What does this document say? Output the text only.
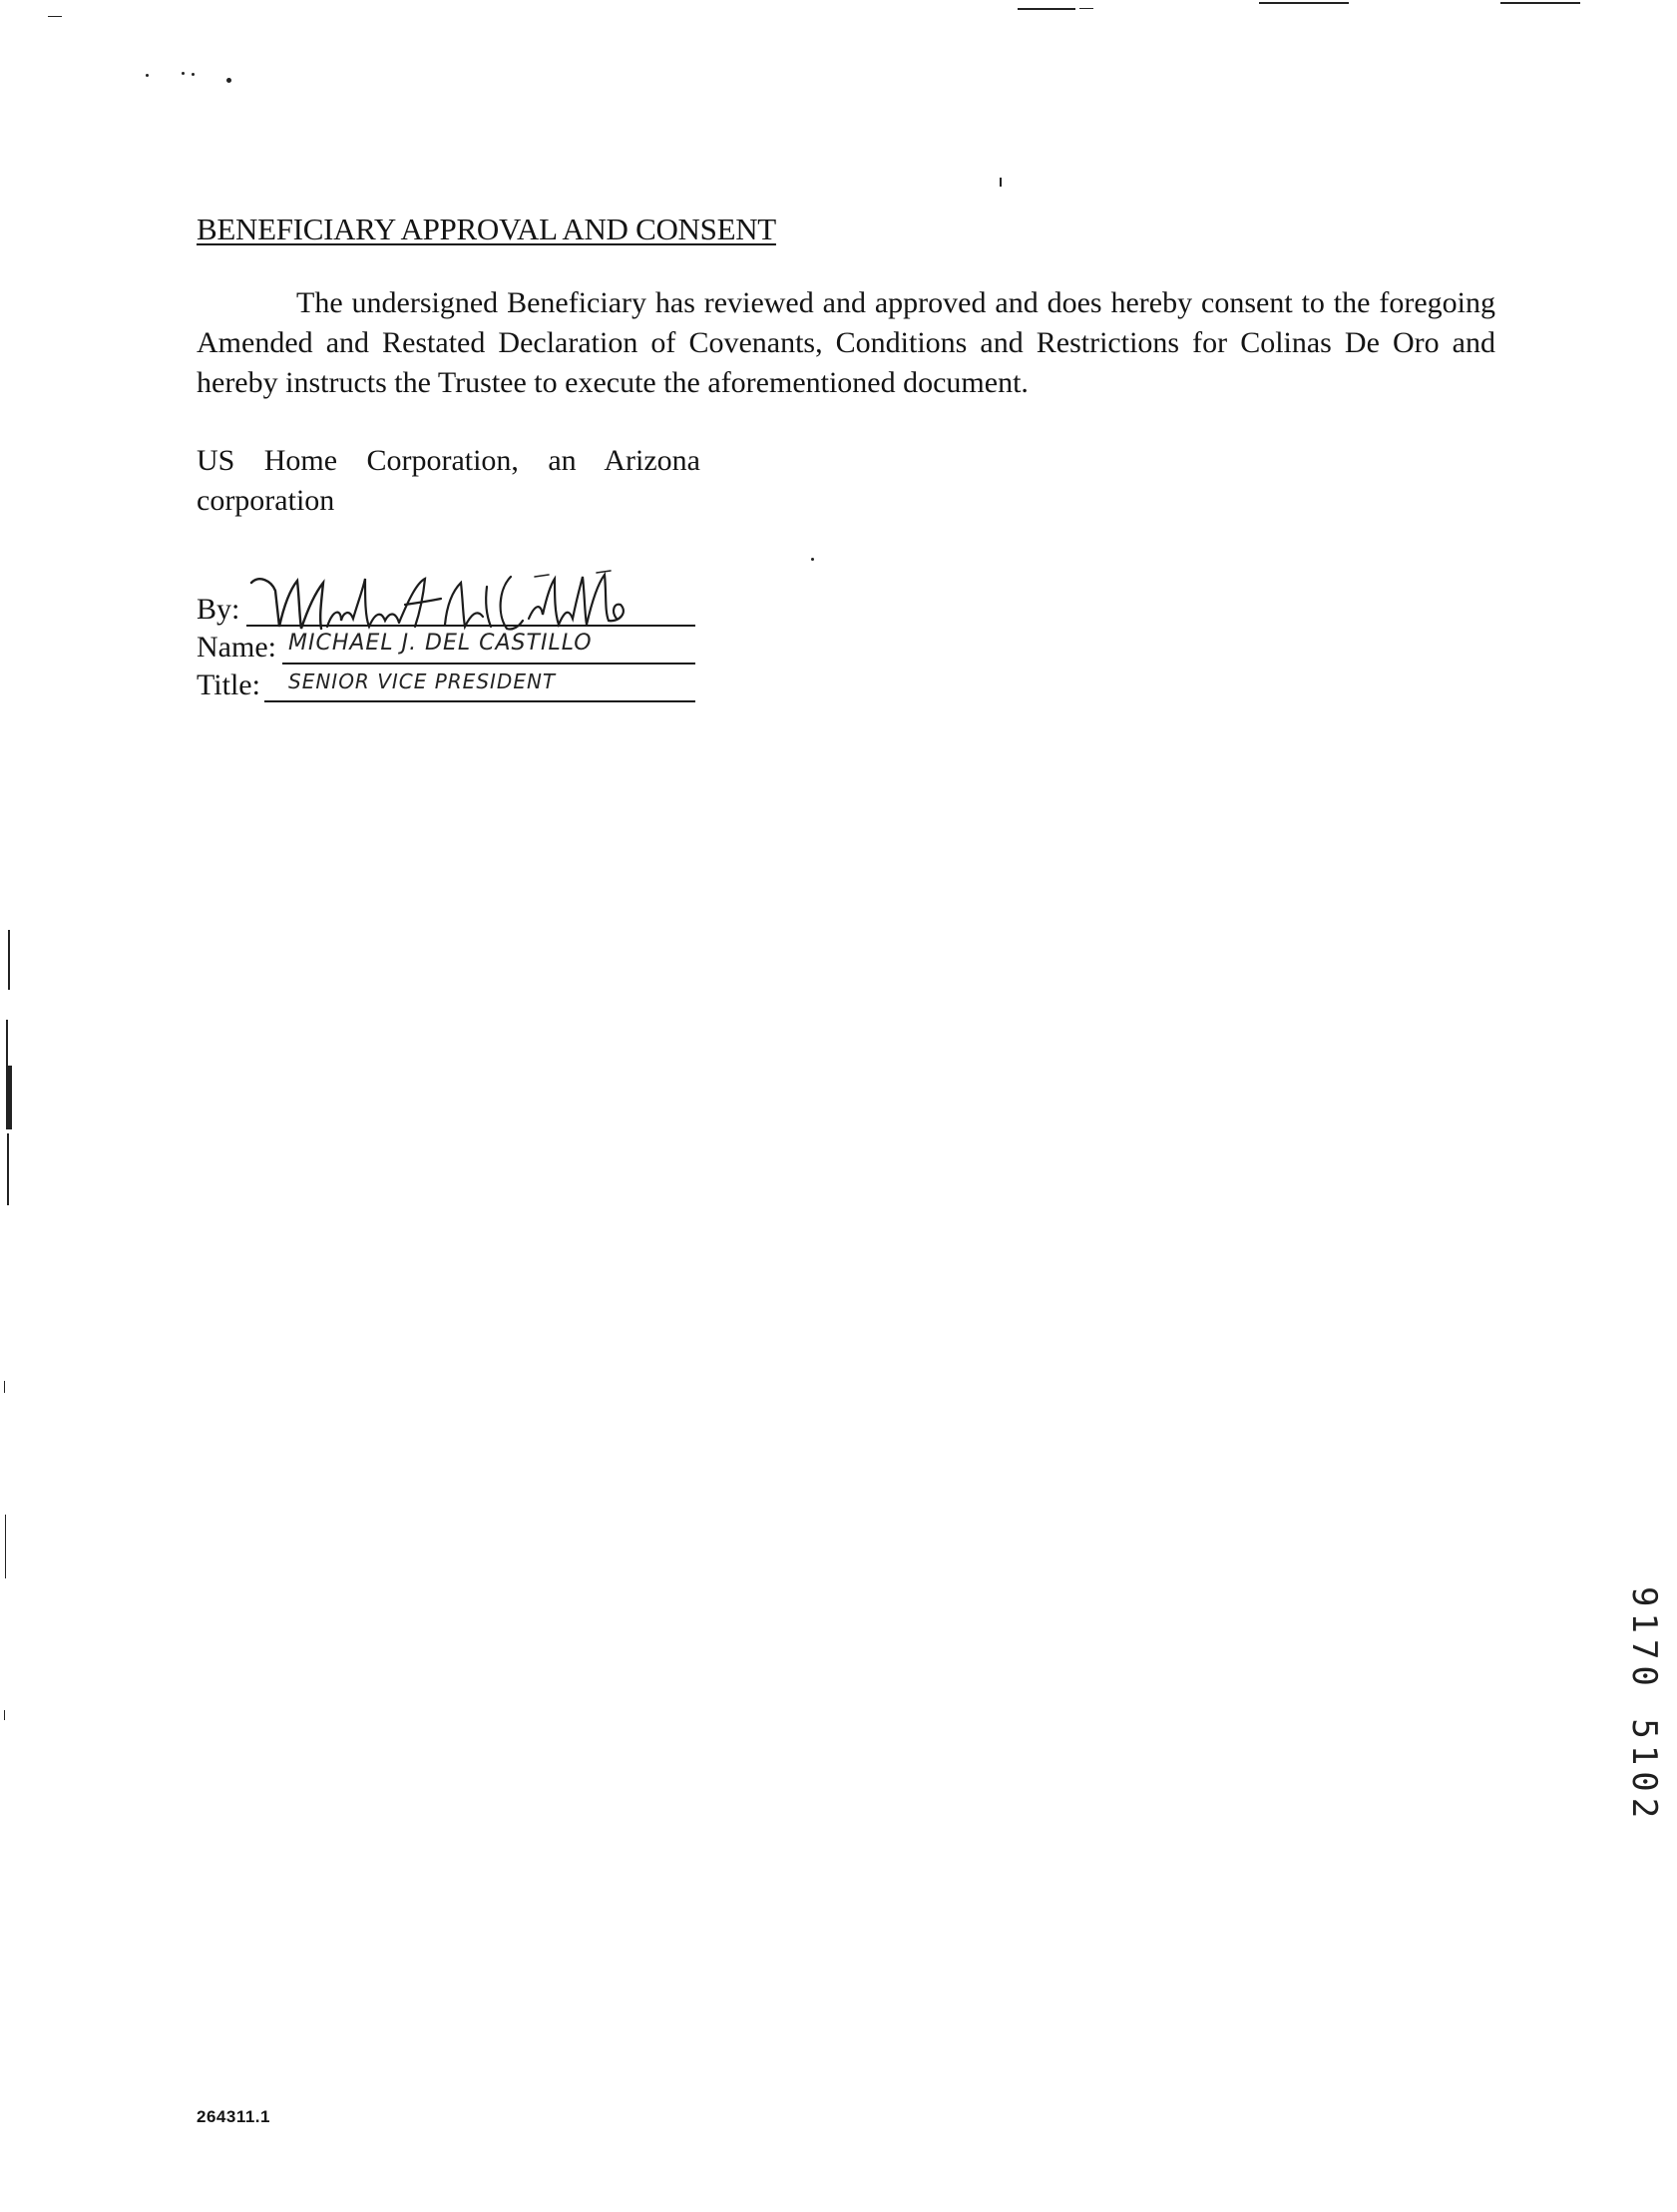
BENEFICIARY APPROVAL AND CONSENT
The undersigned Beneficiary has reviewed and approved and does hereby consent to the foregoing Amended and Restated Declaration of Covenants, Conditions and Restrictions for Colinas De Oro and hereby instructs the Trustee to execute the aforementioned document.
US Home Corporation, an Arizona corporation
By:
Name: MICHAEL J. DEL CASTILLO
Title: SENIOR VICE PRESIDENT
9170 5102
264311.1
